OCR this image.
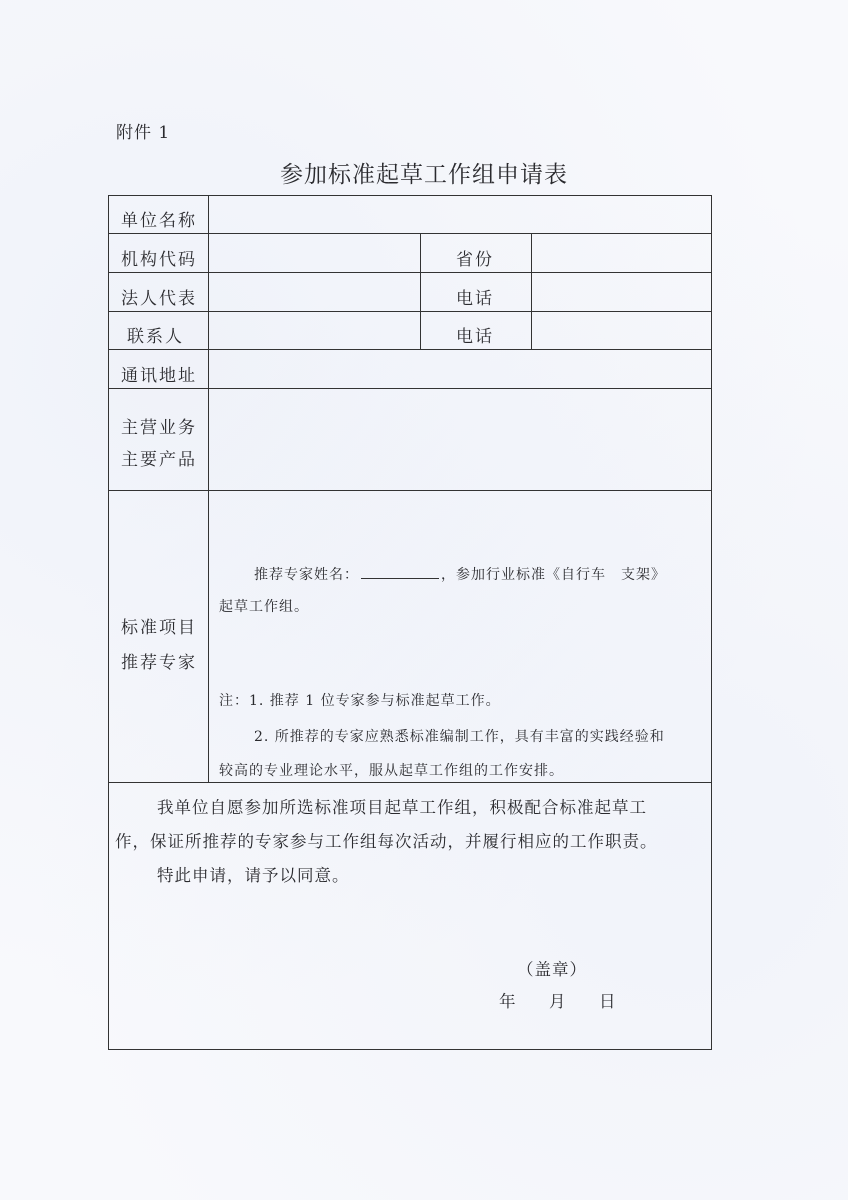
附件 1
参加标准起草工作组申请表
单位名称
机构代码	省份
法人代表	电话
联系人	电话
通讯地址
主营业务
主要产品
标准项目
推荐专家
推荐专家姓名：	，参加行业标准《自行车　支架》
起草工作组。
注：1. 推荐 1 位专家参与标准起草工作。
2. 所推荐的专家应熟悉标准编制工作，具有丰富的实践经验和
较高的专业理论水平，服从起草工作组的工作安排。
我单位自愿参加所选标准项目起草工作组，积极配合标准起草工
作，保证所推荐的专家参与工作组每次活动，并履行相应的工作职责。
特此申请，请予以同意。
（盖章）
年 月 日
